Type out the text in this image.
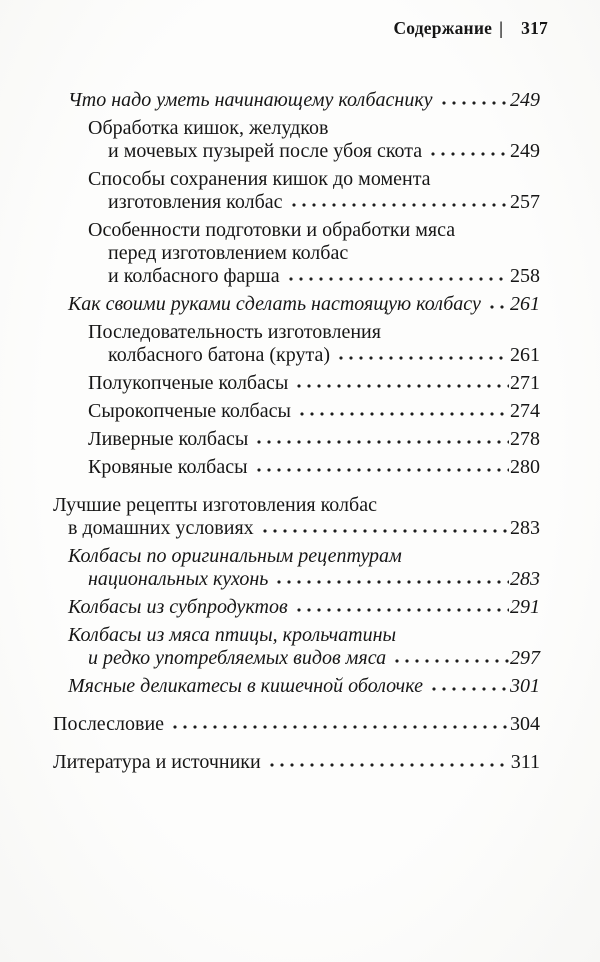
Содержание | 317
Что надо уметь начинающему колбаснику	249
Обработка кишок, желудков
и мочевых пузырей после убоя скота	249
Способы сохранения кишок до момента
изготовления колбас	257
Особенности подготовки и обработки мяса
перед изготовлением колбас
и колбасного фарша	258
Как своими руками сделать настоящую колбасу 261
Последовательность изготовления
колбасного батона (крута)	261
Полукопченые колбасы	271
Сырокопченые колбасы	274
Ливерные колбасы	278
Кровяные колбасы	280
Лучшие рецепты изготовления колбас
в домашних условиях	283
Колбасы по оригинальным рецептурам
национальных кухонь	283
Колбасы из субпродуктов	291
Колбасы из мяса птицы, крольчатины
и редко употребляемых видов мяса	297
Мясные деликатесы в кишечной оболочке	301
Послесловие	304
Литература и источники	311
